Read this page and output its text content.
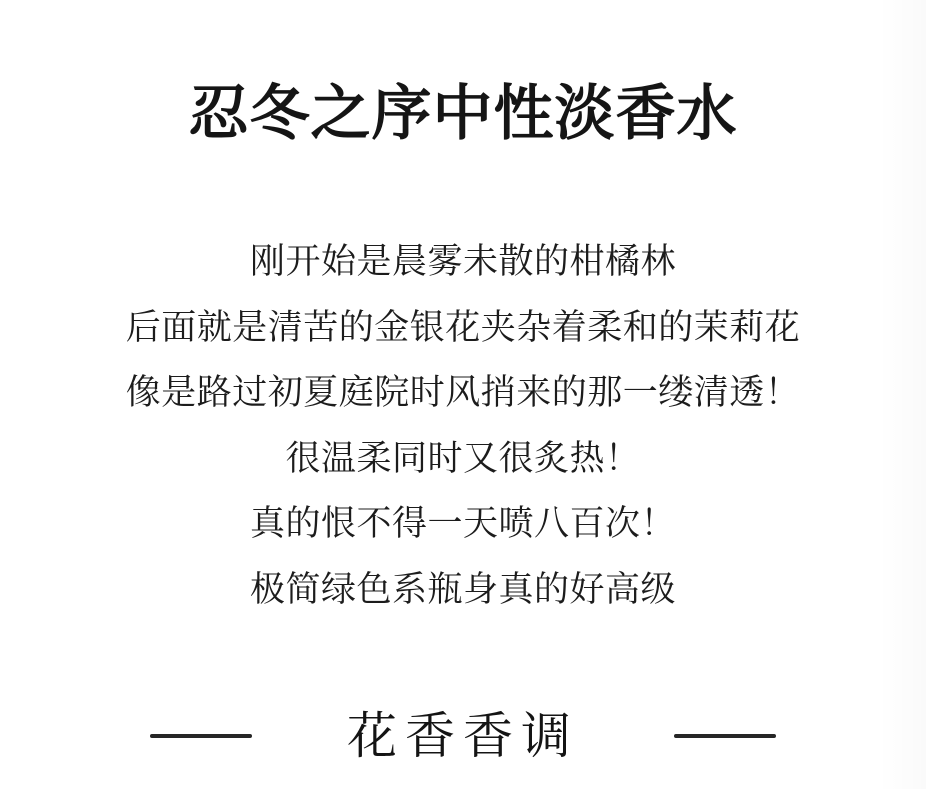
忍冬之序中性淡香水

刚开始是晨雾未散的柑橘林

后面就是清苦的金银花夹杂着柔和的茉莉花

像是路过初夏庭院时风捎来的那一缕清透！

很温柔同时又很炙热！

真的恨不得一天喷八百次！

极简绿色系瓶身真的好高级

花香香调
